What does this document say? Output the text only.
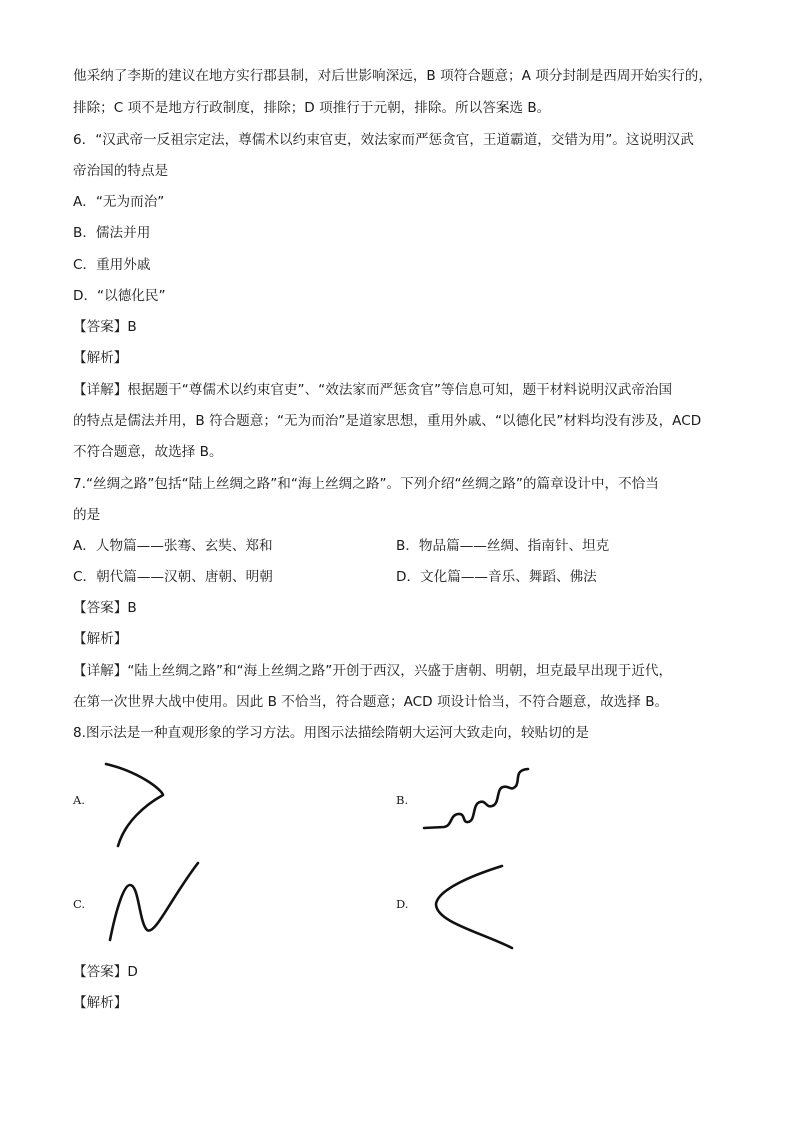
他采纳了李斯的建议在地方实行郡县制，对后世影响深远，B 项符合题意；A 项分封制是西周开始实行的，
排除；C 项不是地方行政制度，排除；D 项推行于元朝，排除。所以答案选 B。
6．“汉武帝一反祖宗定法，尊儒术以约束官吏，效法家而严惩贪官，王道霸道，交错为用”。这说明汉武
帝治国的特点是
A．“无为而治”
B．儒法并用
C．重用外戚
D．“以德化民”
【答案】B
【解析】
【详解】根据题干“尊儒术以约束官吏”、“效法家而严惩贪官”等信息可知，题干材料说明汉武帝治国
的特点是儒法并用，B 符合题意；“无为而治”是道家思想，重用外戚、“以德化民”材料均没有涉及，ACD
不符合题意，故选择 B。
7.“丝绸之路”包括“陆上丝绸之路”和“海上丝绸之路”。下列介绍“丝绸之路”的篇章设计中，不恰当
的是
A．人物篇——张骞、玄奘、郑和	B．物品篇——丝绸、指南针、坦克
C．朝代篇——汉朝、唐朝、明朝	D．文化篇——音乐、舞蹈、佛法
【答案】B
【解析】
【详解】“陆上丝绸之路”和“海上丝绸之路”开创于西汉，兴盛于唐朝、明朝，坦克最早出现于近代，
在第一次世界大战中使用。因此 B 不恰当，符合题意；ACD 项设计恰当，不符合题意，故选择 B。
8.图示法是一种直观形象的学习方法。用图示法描绘隋朝大运河大致走向，较贴切的是
A.	B.
C.	D.
【答案】D
【解析】
